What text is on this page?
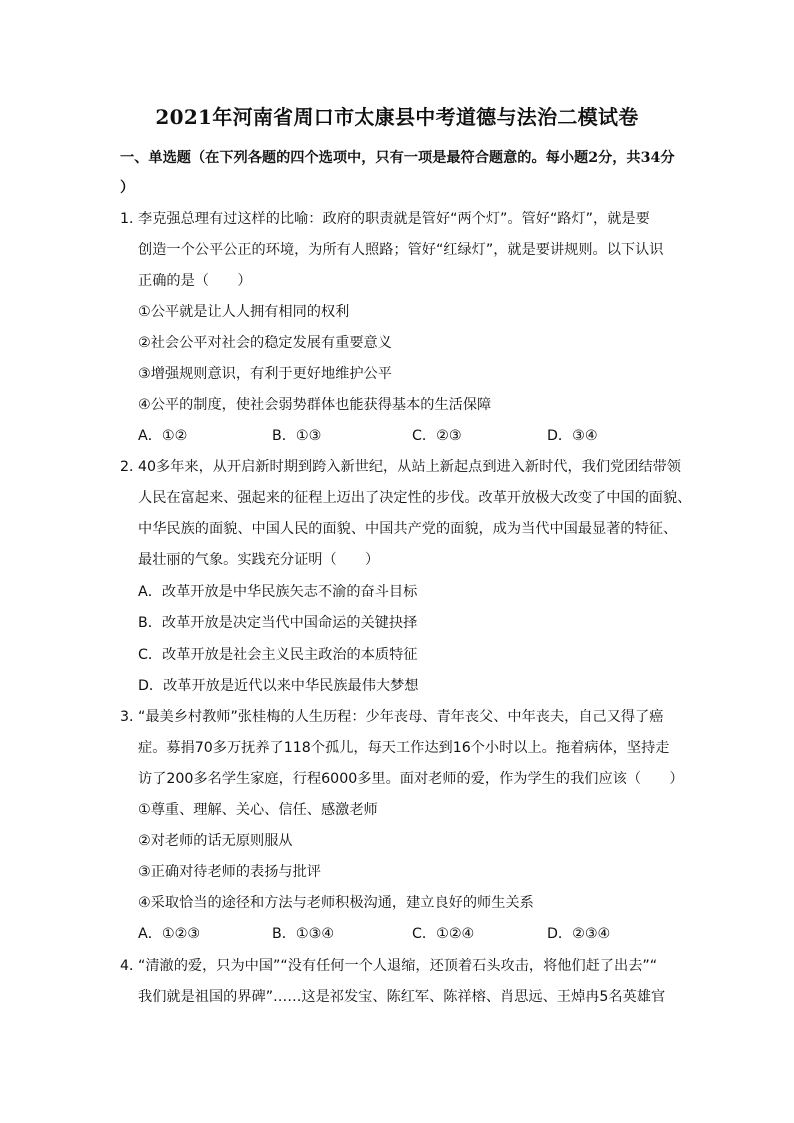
2021年河南省周口市太康县中考道德与法治二模试卷
一、单选题（在下列各题的四个选项中，只有一项是最符合题意的。每小题2分，共34分
）
1．
李克强总理有过这样的比喻：政府的职责就是管好“两个灯”。管好“路灯”，就是要
创造一个公平公正的环境，为所有人照路；管好“红绿灯”，就是要讲规则。以下认识
正确的是（　　）
①公平就是让人人拥有相同的权利
②社会公平对社会的稳定发展有重要意义
③增强规则意识，有利于更好地维护公平
④公平的制度，使社会弱势群体也能获得基本的生活保障
A．①②	B．①③	C．②③	D．③④
2．
40多年来，从开启新时期到跨入新世纪，从站上新起点到进入新时代，我们党团结带领
人民在富起来、强起来的征程上迈出了决定性的步伐。改革开放极大改变了中国的面貌、
中华民族的面貌、中国人民的面貌、中国共产党的面貌，成为当代中国最显著的特征、
最壮丽的气象。实践充分证明（　　）
A．改革开放是中华民族矢志不渝的奋斗目标
B．改革开放是决定当代中国命运的关键抉择
C．改革开放是社会主义民主政治的本质特征
D．改革开放是近代以来中华民族最伟大梦想
3．
“最美乡村教师”张桂梅的人生历程：少年丧母、青年丧父、中年丧夫，自己又得了癌
症。募捐70多万抚养了118个孤儿，每天工作达到16个小时以上。拖着病体，坚持走
访了200多名学生家庭，行程6000多里。面对老师的爱，作为学生的我们应该（　　）
①尊重、理解、关心、信任、感激老师
②对老师的话无原则服从
③正确对待老师的表扬与批评
④采取恰当的途径和方法与老师积极沟通，建立良好的师生关系
A．①②③	B．①③④	C．①②④	D．②③④
4．
“清澈的爱，只为中国”“没有任何一个人退缩，还顶着石头攻击，将他们赶了出去”“
我们就是祖国的界碑”……这是祁发宝、陈红军、陈祥榕、肖思远、王焯冉5名英雄官
